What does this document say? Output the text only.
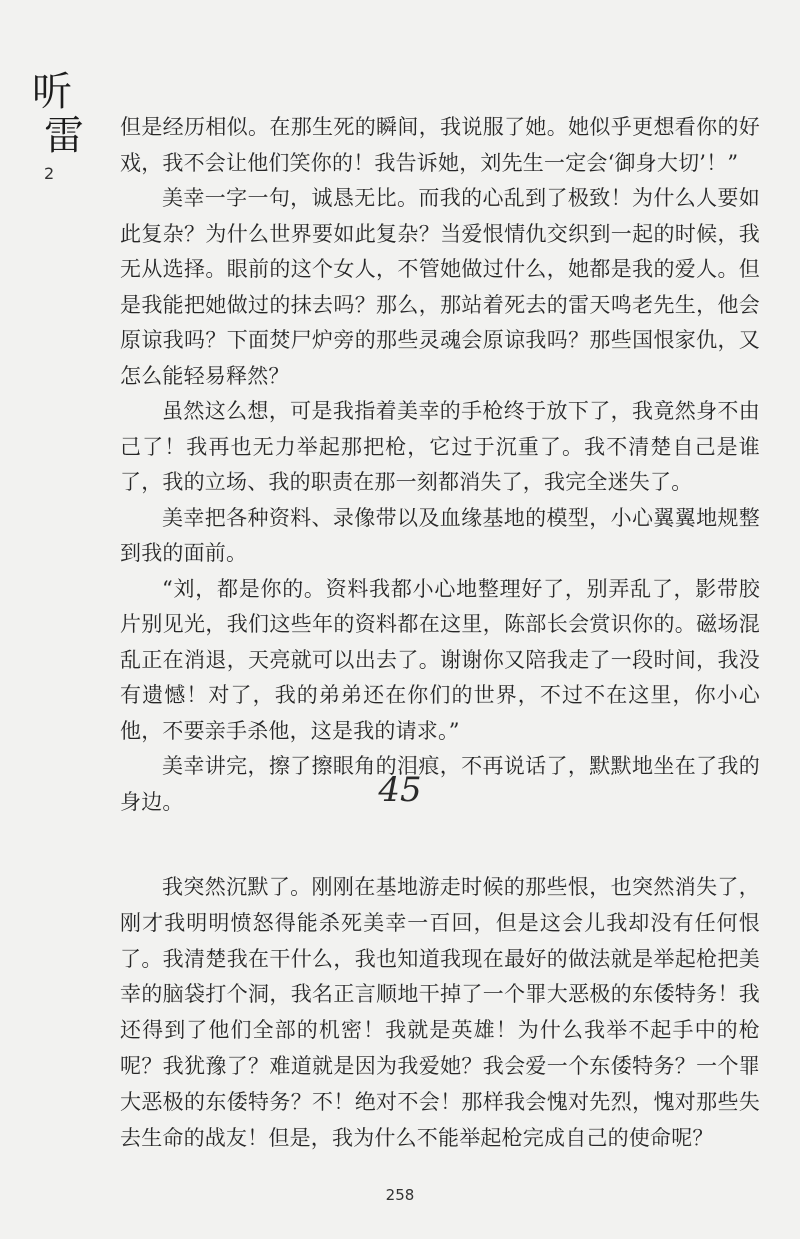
听
雷
2

但是经历相似。在那生死的瞬间，我说服了她。她似乎更想看你的好戏，我不会让他们笑你的！我告诉她，刘先生一定会‘御身大切’！”

美幸一字一句，诚恳无比。而我的心乱到了极致！为什么人要如此复杂？为什么世界要如此复杂？当爱恨情仇交织到一起的时候，我无从选择。眼前的这个女人，不管她做过什么，她都是我的爱人。但是我能把她做过的抹去吗？那么，那站着死去的雷天鸣老先生，他会原谅我吗？下面焚尸炉旁的那些灵魂会原谅我吗？那些国恨家仇，又怎么能轻易释然？

虽然这么想，可是我指着美幸的手枪终于放下了，我竟然身不由己了！我再也无力举起那把枪，它过于沉重了。我不清楚自己是谁了，我的立场、我的职责在那一刻都消失了，我完全迷失了。

美幸把各种资料、录像带以及血缘基地的模型，小心翼翼地规整到我的面前。

“刘，都是你的。资料我都小心地整理好了，别弄乱了，影带胶片别见光，我们这些年的资料都在这里，陈部长会赏识你的。磁场混乱正在消退，天亮就可以出去了。谢谢你又陪我走了一段时间，我没有遗憾！对了，我的弟弟还在你们的世界，不过不在这里，你小心他，不要亲手杀他，这是我的请求。”

美幸讲完，擦了擦眼角的泪痕，不再说话了，默默地坐在了我的身边。	45

我突然沉默了。刚刚在基地游走时候的那些恨，也突然消失了，刚才我明明愤怒得能杀死美幸一百回，但是这会儿我却没有任何恨了。我清楚我在干什么，我也知道我现在最好的做法就是举起枪把美幸的脑袋打个洞，我名正言顺地干掉了一个罪大恶极的东倭特务！我还得到了他们全部的机密！我就是英雄！为什么我举不起手中的枪呢？我犹豫了？难道就是因为我爱她？我会爱一个东倭特务？一个罪大恶极的东倭特务？不！绝对不会！那样我会愧对先烈，愧对那些失去生命的战友！但是，我为什么不能举起枪完成自己的使命呢？

258
